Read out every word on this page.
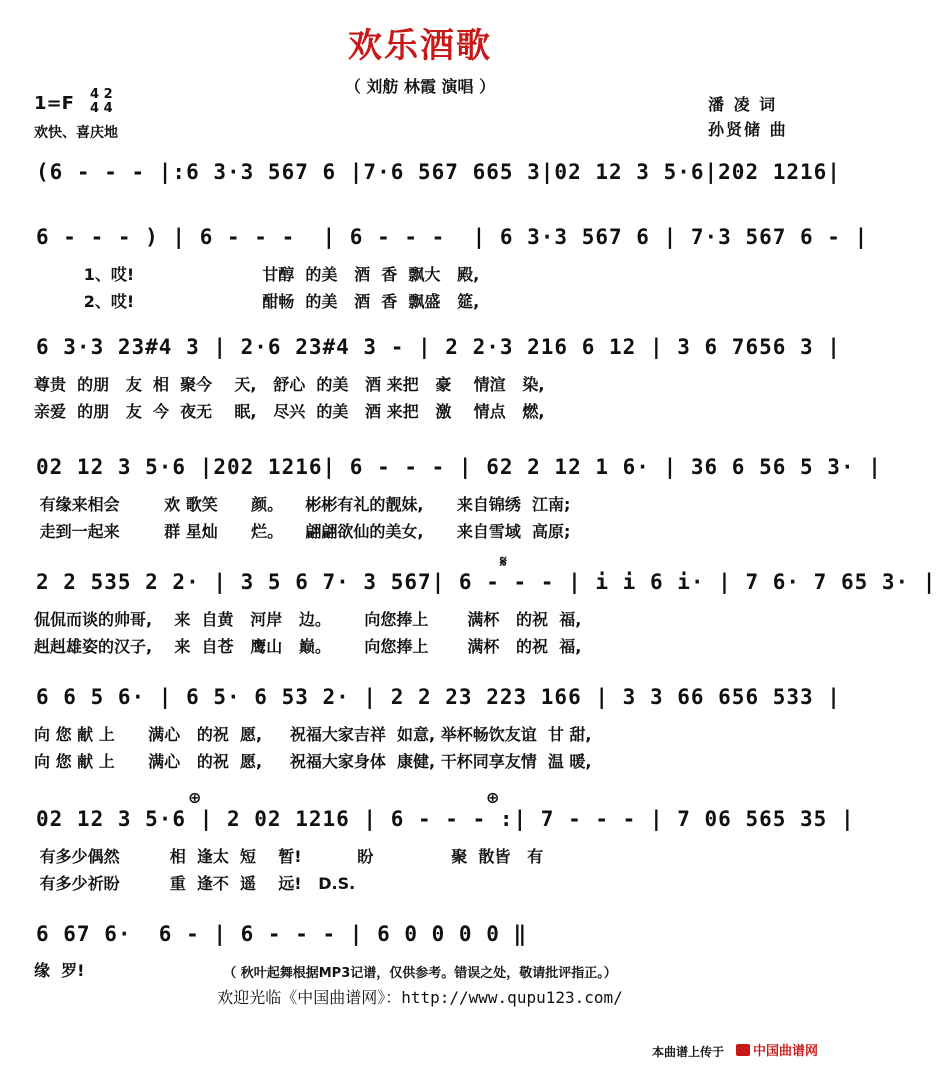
欢乐酒歌
（ 刘舫 林霞 演唱 ）
1=F 4 2
4 4
欢快、喜庆地
潘 凌 词
孙贤储 曲
(6 - - - |:6 3·3 567 6 |7·6 567 665 3|02 12 3 5·6|202 1216|
6 - - - ) | 6 - - -  | 6 - - -  | 6 3·3 567 6 | 7·3 567 6 - |
1、哎!                       甘醇  的美   酒  香  飘大   殿,
2、哎!                       酣畅  的美   酒  香  飘盛   筵,
6 3·3 23#4 3 | 2·6 23#4 3 - | 2 2·3 216 6 12 | 3 6 7656 3 |
尊贵  的朋   友  相  聚今    天,   舒心  的美   酒 来把   豪    情渲   染,
亲爱  的朋   友  今  夜无    眠,   尽兴  的美   酒 来把   激    情点   燃,
02 12 3 5·6 |202 1216| 6 - - - | 62 2 12 1 6· | 36 6 56 5 3· |
有缘来相会        欢 歌笑      颜。    彬彬有礼的靓妹,      来自锦绣  江南;
走到一起来        群 星灿      烂。    翩翩欲仙的美女,      来自雪域  高原;
𝄋
2 2 535 2 2· | 3 5 6 7· 3 567| 6 - - - | i i 6 i· | 7 6· 7 65 3· |
侃侃而谈的帅哥,    来  自黄   河岸   边。      向您捧上       满杯   的祝  福,
赳赳雄姿的汉子,    来  自苍   鹰山   巅。      向您捧上       满杯   的祝  福,
6 6 5 6· | 6 5· 6 53 2· | 2 2 23 223 166 | 3 3 66 656 533 |
向 您 献 上      满心   的祝  愿,     祝福大家吉祥  如意, 举杯畅饮友谊  甘 甜,
向 您 献 上      满心   的祝  愿,     祝福大家身体  康健, 干杯同享友情  温 暖,
⊕	⊕
02 12 3 5·6 | 2 02 1216 | 6 - - - :| 7 - - - | 7 06 565 35 |
有多少偶然         相  逢太  短    暂!          盼              聚  散皆   有
有多少祈盼         重  逢不  遥    远!   D.S.
6 67 6·  6 - | 6 - - - | 6 0 0 0 0 ‖
缘  罗!	（ 秋叶起舞根据MP3记谱，仅供参考。错误之处，敬请批评指正。）
欢迎光临《中国曲谱网》：http://www.qupu123.com/
本曲谱上传于	中国曲谱网
